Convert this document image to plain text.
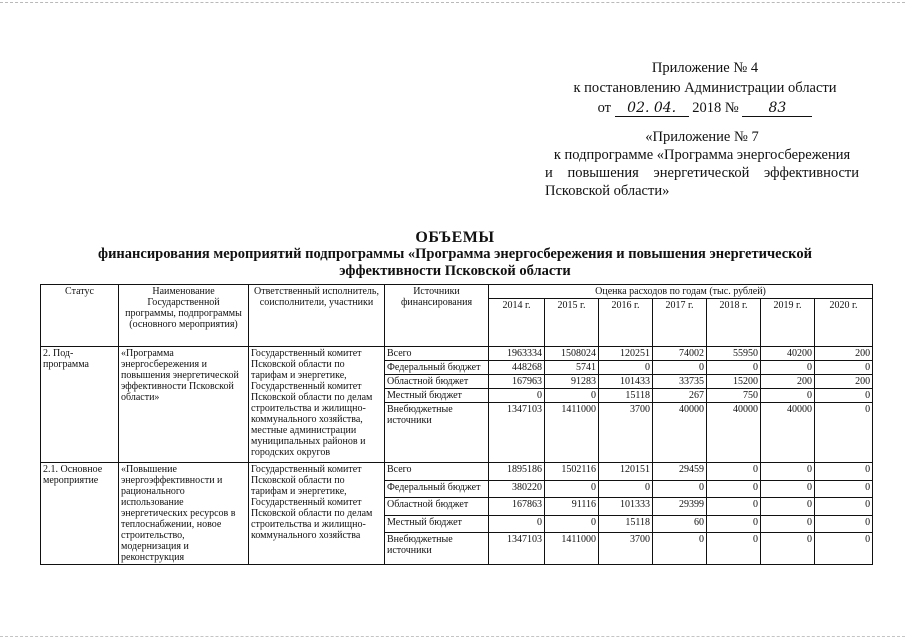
Приложение № 4
к постановлению Администрации области
от 02. 04. 2018 № 83
«Приложение № 7
к подпрограмме «Программа энергосбережения
и повышения энергетической эффективности
Псковской области»
ОБЪЕМЫ
финансирования мероприятий подпрограммы «Программа энергосбережения и повышения энергетической
эффективности Псковской области
Статус	Наименование Государственной программы, подпрограммы (основного мероприятия)	Ответственный исполнитель, соисполнители, участники	Источники финансирования	Оценка расходов по годам (тыс. рублей)						
				2014 г.	2015 г.	2016 г.	2017 г.	2018 г.	2019 г.	2020 г.
2. Под- программа	«Программа энергосбережения и повышения энергетической эффективности Псковской области»	Государственный комитет Псковской области по тарифам и энергетике, Государственный комитет Псковской области по делам строительства и жилищно-коммунального хозяйства, местные администрации муниципальных районов и городских округов	Всего	1963334	1508024	120251	74002	55950	40200	200
			Федеральный бюджет	448268	5741	0	0	0	0	0
			Областной бюджет	167963	91283	101433	33735	15200	200	200
			Местный бюджет	0	0	15118	267	750	0	0
			Внебюджетные источники	1347103	1411000	3700	40000	40000	40000	0
2.1. Основное мероприятие	«Повышение энергоэффективности и рационального использование энергетических ресурсов в теплоснабжении, новое строительство, модернизация и реконструкция	Государственный комитет Псковской области по тарифам и энергетике, Государственный комитет Псковской области по делам строительства и жилищно-коммунального хозяйства	Всего	1895186	1502116	120151	29459	0	0	0
			Федеральный бюджет	380220	0	0	0	0	0	0
			Областной бюджет	167863	91116	101333	29399	0	0	0
			Местный бюджет	0	0	15118	60	0	0	0
			Внебюджетные источники	1347103	1411000	3700	0	0	0	0
